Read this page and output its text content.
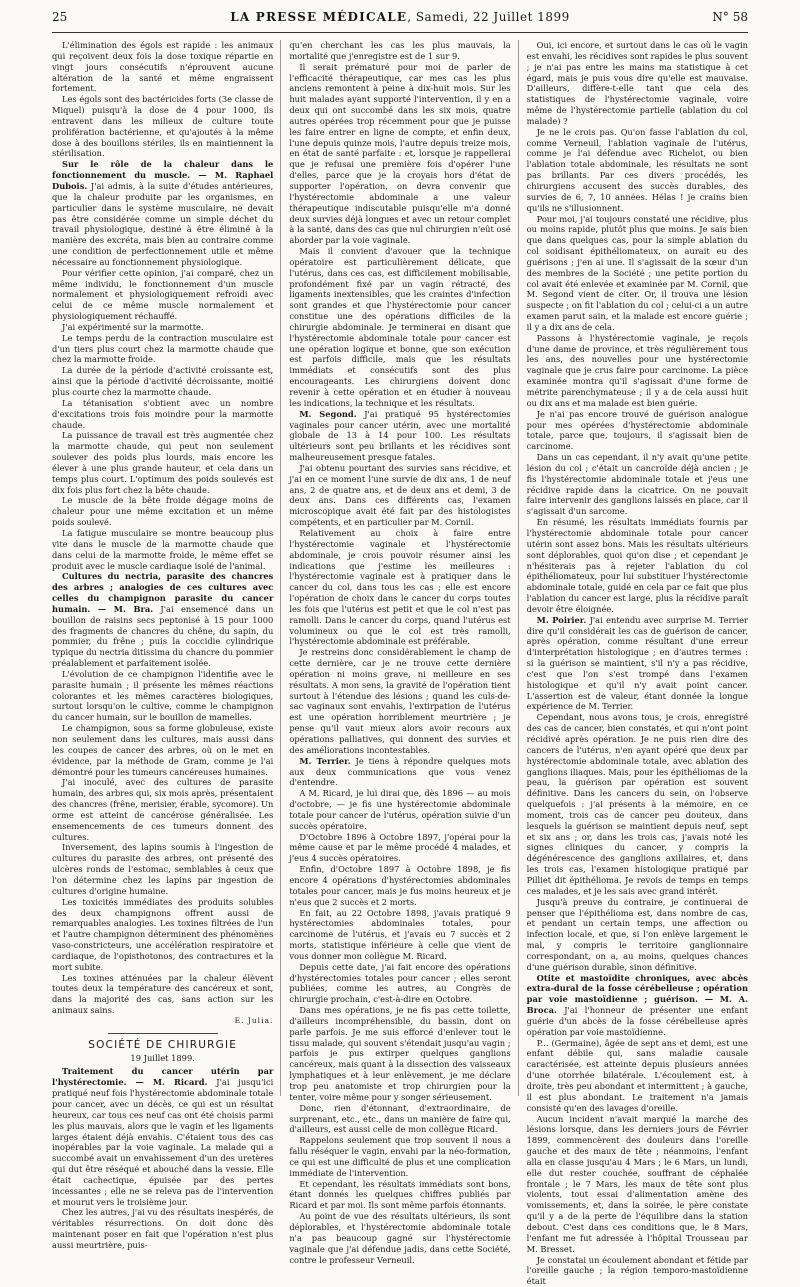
25	LA PRESSE MÉDICALE, Samedi, 22 Juillet 1899	N° 58

L'élimination des égols est rapide : les animaux qui reçoivent deux fois la dose toxique répartie en vingt jours consécutifs n'éprouvent aucune altération de la santé et même engraissent fortement.

Les égols sont des bactéricides forts (3e classe de Miquel) puisqu'à la dose de 4 pour 1000, ils entravent dans les milieux de culture toute prolifération bactérienne, et qu'ajoutés à la même dose à des bouillons stériles, ils en maintiennent la stérilisation.

Sur le rôle de la chaleur dans le fonctionnement du muscle. — M. Raphael Dubois. J'ai admis, à la suite d'études antérieures, que la chaleur produite par les organismes, en particulier dans le système musculaire, ne devait pas être considérée comme un simple déchet du travail physiologique, destiné à être éliminé à la manière des excréta, mais bien au contraire comme une condition de perfectionnement utile et même nécessaire au fonctionnement physiologique.

Pour vérifier cette opinion, j'ai comparé, chez un même individu, le fonctionnement d'un muscle normalement et physiologiquement refroidi avec celui de ce même muscle normalement et physiologiquement réchauffé.

J'ai expérimenté sur la marmotte.

Le temps perdu de la contraction musculaire est d'un tiers plus court chez la marmotte chaude que chez la marmotte froide.

La durée de la période d'activité croissante est, ainsi que la période d'activité décroissante, moitié plus courte chez la marmotte chaude.

La tétanisation s'obtient avec un nombre d'excitations trois fois moindre pour la marmotte chaude.

La puissance de travail est très augmentée chez la marmotte chaude, qui peut non seulement soulever des poids plus lourds, mais encore les élever à une plus grande hauteur, et cela dans un temps plus court. L'optimum des poids soulevés est dix fois plus fort chez la bête chaude.

Le muscle de la bête froide dégage moins de chaleur pour une même excitation et un même poids soulevé.

La fatigue musculaire se montre beaucoup plus vite dans le muscle de la marmotte chaude que dans celui de la marmotte froide, le même effet se produit avec le muscle cardiaque isolé de l'animal.

Cultures du nectria, parasite des chancres des arbres ; analogies de ces cultures avec celles du champignon parasite du cancer humain. — M. Bra. J'ai ensemencé dans un bouillon de raisins secs peptonisé à 15 pour 1000 des fragments de chancres du chêne, du sapin, du pommier, du frêne ; puis la coccidie cylindrique typique du nectria ditissima du chancre du pommier préalablement et parfaitement isolée.

L'évolution de ce champignon l'identifie avec le parasite humain ; il présente les mêmes réactions colorantes et les mêmes caractères biologiques, surtout lorsqu'on le cultive, comme le champignon du cancer humain, sur le bouillon de mamelles.

Le champignon, sous sa forme globuleuse, existe non seulement dans les cultures, mais aussi dans les coupes de cancer des arbres, où on le met en évidence, par la méthode de Gram, comme je l'ai démontré pour les tumeurs cancéreuses humaines.

J'ai inoculé, avec des cultures de parasite humain, des arbres qui, six mois après, présentaient des chancres (frêne, merisier, érable, sycomore). Un orme est atteint de cancérose généralisée. Les ensemencements de ces tumeurs donnent des cultures.

Inversement, des lapins soumis à l'ingestion de cultures du parasite des arbres, ont présenté des ulcères ronds de l'estomac, semblables à ceux que l'on détermine chez les lapins par ingestion de cultures d'origine humaine.

Les toxicités immédiates des produits solubles des deux champignons offrent aussi de remarquables analogies. Les toxines filtrées de l'un et l'autre champignon déterminent des phénomènes vaso-constricteurs, une accélération respiratoire et cardiaque, de l'opisthotonos, des contractures et la mort subite.

Les toxines atténuées par la chaleur élèvent toutes deux la température des cancéreux et sont, dans la majorité des cas, sans action sur les animaux sains.

E. Julia.

SOCIÉTÉ DE CHIRURGIE
19 Juillet 1899.

Traitement du cancer utérin par l'hystérectomie. — M. Ricard. J'ai jusqu'ici pratiqué neuf fois l'hystérectomie abdominale totale pour cancer, avec un décès, ce qui est un résultat heureux, car tous ces neuf cas ont été choisis parmi les plus mauvais, alors que le vagin et les ligaments larges étaient déjà envahis. C'étaient tous des cas inopérables par la voie vaginale. La malade qui a succombé avait un envahissement d'un des uretères qui dut être réséqué et abouché dans la vessie. Elle était cachectique, épuisée par des pertes incessantes ; elle ne se releva pas de l'intervention et mourut vers le troisième jour.

Chez les autres, j'ai vu des résultats inespérés, de véritables résurrections. On doit donc dès maintenant poser en fait que l'opération n'est plus aussi meurtrière, puis-

qu'en cherchant les cas les plus mauvais, la mortalité que j'enregistre est de 1 sur 9.

Il serait prématuré pour moi de parler de l'efficacité thérapeutique, car mes cas les plus anciens remontent à peine à dix-huit mois. Sur les huit malades ayant supporté l'intervention, il y en a deux qui ont succombé dans les six mois, quatre autres opérées trop récemment pour que je puisse les faire entrer en ligne de compte, et enfin deux, l'une depuis quinze mois, l'autre depuis treize mois, en état de santé parfaite : et, lorsque je rappellerai que je refusai une première fois d'opérer l'une d'elles, parce que je la croyais hors d'état de supporter l'opération, on devra convenir que l'hystérectomie abdominale a une valeur thérapeutique indiscutable puisqu'elle m'a donné deux survies déjà longues et avec un retour complet à la santé, dans des cas que nul chirurgien n'eût osé aborder par la voie vaginale.

Mais il convient d'avouer que la technique opératoire est particulièrement délicate, que l'utérus, dans ces cas, est difficilement mobilisable, profondément fixé par un vagin rétracté, des ligaments inextensibles, que les craintes d'infection sont grandes et que l'hystérectomie pour cancer constitue une des opérations difficiles de la chirurgie abdominale. Je terminerai en disant que l'hystérectomie abdominale totale pour cancer est une opération logique et bonne, que son exécution est parfois difficile, mais que les résultats immédiats et consécutifs sont des plus encourageants. Les chirurgiens doivent donc revenir à cette opération et en étudier à nouveau les indications, la technique et les résultats.

M. Segond. J'ai pratiqué 95 hystérectomies vaginales pour cancer utérin, avec une mortalité globale de 13 à 14 pour 100. Les résultats ultérieurs sont peu brillants et les récidives sont malheureusement presque fatales.

J'ai obtenu pourtant des survies sans récidive, et j'ai en ce moment l'une survie de dix ans, 1 de neuf ans, 2 de quatre ans, et de deux ans et demi, 3 de deux ans. Dans ces différents cas, l'examen microscopique avait été fait par des histologistes compétents, et en particulier par M. Cornil.

Relativement au choix à faire entre l'hystérectomie vaginale et l'hystérectomie abdominale, je crois pouvoir résumer ainsi les indications que j'estime les meilleures : l'hystérectomie vaginale est à pratiquer dans le cancer du col, dans tous les cas ; elle est encore l'opération de choix dans le cancer du corps toutes les fois que l'utérus est petit et que le col n'est pas ramolli. Dans le cancer du corps, quand l'utérus est volumineux ou que le col est très ramolli, l'hystérectomie abdominale est préférable.

Je restreins donc considérablement le champ de cette dernière, car je ne trouve cette dernière opération ni moins grave, ni meilleure en ses résultats. A mon sens, la gravité de l'opération tient surtout à l'étendue des lésions ; quand les culs-de-sac vaginaux sont envahis, l'extirpation de l'utérus est une opération horriblement meurtrière ; je pense qu'il vaut mieux alors avoir recours aux opérations palliatives, qui donnent des survies et des améliorations incontestables.

M. Terrier. Je tiens à répondre quelques mots aux deux communications que vous venez d'entendre.

A M. Ricard, je lui dirai que, dès 1896 — au mois d'octobre, — je fis une hystérectomie abdominale totale pour cancer de l'utérus, opération suivie d'un succès opératoire.

D'Octobre 1896 à Octobre 1897, j'opérai pour la même cause et par le même procédé 4 malades, et j'eus 4 succès opératoires.

Enfin, d'Octobre 1897 à Octobre 1898, je fis encore 4 opérations d'hystérectomies abdominales totales pour cancer, mais je fus moins heureux et je n'eus que 2 succès et 2 morts.

En fait, au 22 Octobre 1898, j'avais pratiqué 9 hystérectomies abdominales totales, pour carcinome de l'utérus, et j'avais eu 7 succès et 2 morts, statistique inférieure à celle que vient de vous donner mon collègue M. Ricard.

Depuis cette date, j'ai fait encore des opérations d'hystérectomies totales pour cancer ; elles seront publiées, comme les autres, au Congrès de chirurgie prochain, c'est-à-dire en Octobre.

Dans mes opérations, je ne fis pas cette toilette, d'ailleurs incompréhensible, du bassin, dont on parle parfois. Je me suis efforcé d'enlever tout le tissu malade, qui souvent s'étendait jusqu'au vagin ; parfois je pus extirper quelques ganglions cancéreux, mais quant à la dissection des vaisseaux lymphatiques et à leur enlèvement, je me déclare trop peu anatomiste et trop chirurgien pour la tenter, voire même pour y songer sérieusement.

Donc, rien d'étonnant, d'extraordinaire, de surprenant, etc., etc., dans un manière de faire qui, d'ailleurs, est aussi celle de mon collègue Ricard.

Rappelons seulement que trop souvent il nous a fallu réséquer le vagin, envahi par la néo-formation, ce qui est une difficulté de plus et une complication immédiate de l'intervention.

Et cependant, les résultats immédiats sont bons, étant donnés les quelques chiffres publiés par Ricard et par moi. Ils sont même parfois étonnants.

Au point de vue des résultats ultérieurs, ils sont déplorables, et l'hystérectomie abdominale totale n'a pas beaucoup gagné sur l'hystérectomie vaginale que j'ai défendue jadis, dans cette Société, contre le professeur Verneuil.

Oui, ici encore, et surtout dans le cas où le vagin est envahi, les récidives sont rapides le plus souvent ; je n'ai pas entre les mains ma statistique à cet égard, mais je puis vous dire qu'elle est mauvaise. D'ailleurs, diffère-t-elle tant que cela des statistiques de l'hystérectomie vaginale, voire même de l'hystérectomie partielle (ablation du col malade) ?

Je ne le crois pas. Qu'on fasse l'ablation du col, comme Verneuil, l'ablation vaginale de l'utérus, comme je l'ai défendue avec Richelot, ou bien l'ablation totale abdominale, les résultats ne sont pas brillants. Par ces divers procédés, les chirurgiens accusent des succès durables, des survies de 6, 7, 10 années. Hélas ! je crains bien qu'ils ne s'illusionnent.

Pour moi, j'ai toujours constaté une récidive, plus ou moins rapide, plutôt plus que moins. Je sais bien que dans quelques cas, pour la simple ablation du col soidisant épithéliomateux, on aurait eu des guérisons ; j'en ai une. Il s'agissait de la sœur d'un des membres de la Société ; une petite portion du col avait été enlevée et examinée par M. Cornil, que M. Segond vient de citer. Or, il trouva une lésion suspecte ; on fit l'ablation du col ; celui-ci a un autre examen parut sain, et la malade est encore guérie ; il y a dix ans de cela.

Passons à l'hystérectomie vaginale, je reçois d'une dame de province, et très régulièrement tous les ans, des nouvelles pour une hystérectomie vaginale que je crus faire pour carcinome. La pièce examinée montra qu'il s'agissait d'une forme de métrite parenchymateuse ; il y a de cela aussi huit ou dix ans et ma malade est bien guérie.

Je n'ai pas encore trouvé de guérison analogue pour mes opérées d'hystérectomie abdominale totale, parce que, toujours, il s'agissait bien de carcinome.

Dans un cas cependant, il n'y avait qu'une petite lésion du col ; c'était un cancroïde déjà ancien ; je fis l'hystérectomie abdominale totale et j'eus une récidive rapide dans la cicatrice. On ne pouvait faire intervenir des ganglions laissés en place, car il s'agissait d'un sarcome.

En résumé, les résultats immédiats fournis par l'hystérectomie abdominale totale pour cancer utérin sont assez bons. Mais les résultats ultérieurs sont déplorables, quoi qu'on dise ; et cependant je n'hésiterais pas à rejeter l'ablation du col épithéliomateux, pour lui substituer l'hystérectomie abdominale totale, guidé en cela par ce fait que plus l'ablation du cancer est large, plus la récidive paraît devoir être éloignée.

M. Poirier. J'ai entendu avec surprise M. Terrier dire qu'il considérait les cas de guérison de cancer, après opération, comme résultant d'une erreur d'interprétation histologique ; en d'autres termes : si la guérison se maintient, s'il n'y a pas récidive, c'est que l'on s'est trompé dans l'examen histologique et qu'il n'y avait point cancer. L'assertion est de valeur, étant donnée la longue expérience de M. Terrier.

Cependant, nous avons tous, je crois, enregistré des cas de cancer, bien constatés, et qui n'ont point récidivé après opération. Je ne puis rien dire des cancers de l'utérus, n'en ayant opéré que deux par hystérectomie abdominale totale, avec ablation des ganglions iliaques. Mais, pour les épithéliomas de la peau, la guérison par opération est souvent définitive. Dans les cancers du sein, on l'observe quelquefois : j'ai présents à la mémoire, en ce moment, trois cas de cancer peu douteux, dans lesquels la guérison se maintient depuis neuf, sept et six ans ; or, dans les trois cas, j'avais noté les signes cliniques du cancer, y compris la dégénérescence des ganglions axillaires, et, dans les trois cas, l'examen histologique pratiqué par Pilliet dit épithélioma. Je revois de temps en temps ces malades, et je les sais avec grand intérêt.

Jusqu'à preuve du contraire, je continuerai de penser que l'épithélioma est, dans nombre de cas, et pendant un certain temps, une affection ou infection locale, et que, si l'on enlève largement le mal, y compris le territoire ganglionnaire correspondant, on a, au moins, quelques chances d'une guérison durable, sinon définitive.

Otite et mastoïdite chroniques, avec abcès extra-dural de la fosse cérébelleuse ; opération par voie mastoïdienne ; guérison. — M. A. Broca. J'ai l'honneur de présenter une enfant guérie d'un abcès de la fosse cérébelleuse après opération par voie mastoïdienne.

P... (Germaine), âgée de sept ans et demi, est une enfant débile qui, sans maladie causale caractérisée, est atteinte depuis plusieurs années d'une otorrhée bilatérale. L'écoulement est, à droite, très peu abondant et intermittent ; à gauche, il est plus abondant. Le traitement n'a jamais consisté qu'en des lavages d'oreille.

Aucun incident n'avait marqué la marche des lésions lorsque, dans les derniers jours de Février 1899, commencèrent des douleurs dans l'oreille gauche et des maux de tête ; néanmoins, l'enfant alla en classe jusqu'au 4 Mars ; le 6 Mars, un lundi, elle dut rester couchée, souffrant de céphalée frontale ; le 7 Mars, les maux de tête sont plus violents, tout essai d'alimentation amène des vomissements, et, dans la soirée, le père constate qu'il y a de la perte de l'équilibre dans la station debout. C'est dans ces conditions que, le 8 Mars, l'enfant me fut adressée à l'hôpital Trousseau par M. Bresset.

Je constatai un écoulement abondant et fétide par l'oreille gauche ; la région temporo-mastoïdienne était
